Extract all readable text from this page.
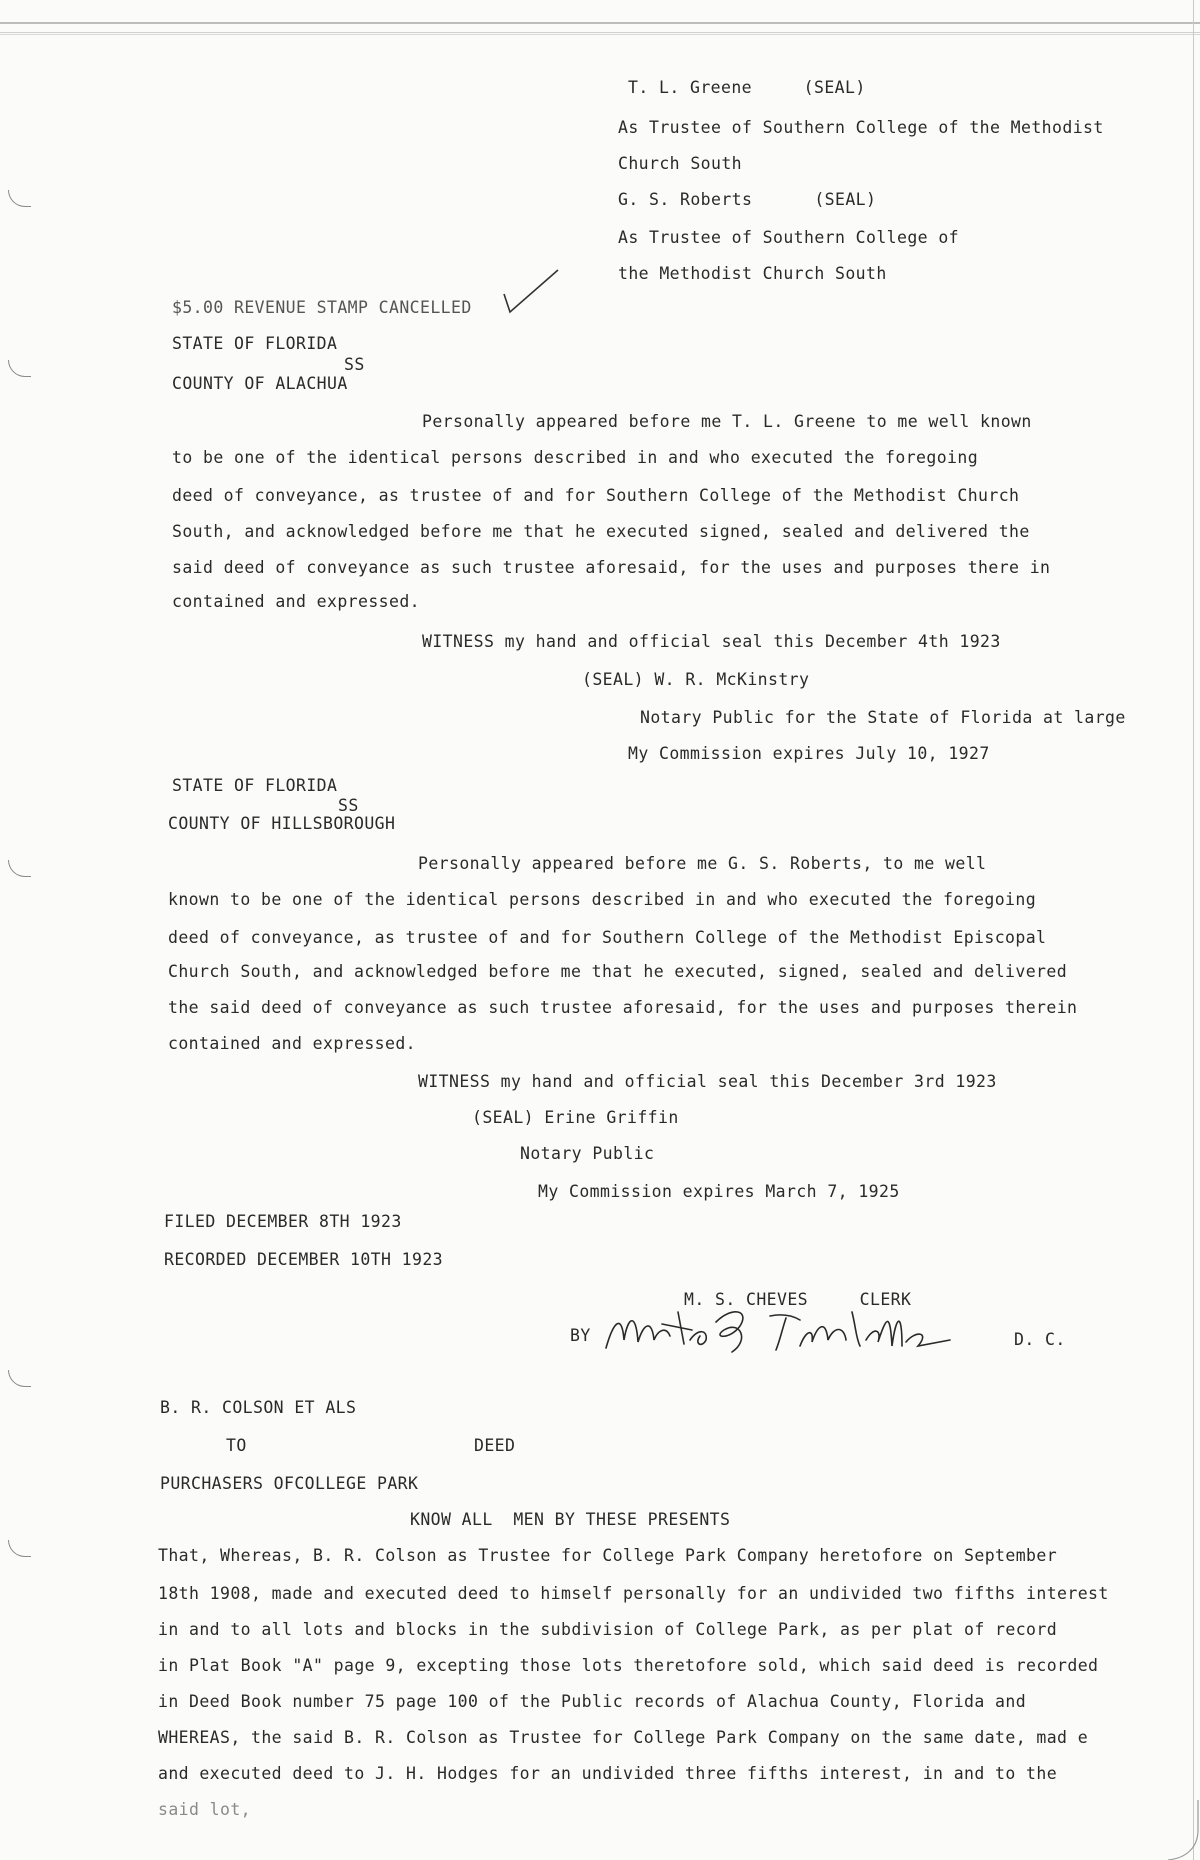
T. L. Greene     (SEAL)
As Trustee of Southern College of the Methodist
Church South
G. S. Roberts      (SEAL)
As Trustee of Southern College of
the Methodist Church South
$5.00 REVENUE STAMP CANCELLED
STATE OF FLORIDA
SS
COUNTY OF ALACHUA
Personally appeared before me T. L. Greene to me well known
to be one of the identical persons described in and who executed the foregoing
deed of conveyance, as trustee of and for Southern College of the Methodist Church
South, and acknowledged before me that he executed signed, sealed and delivered the
said deed of conveyance as such trustee aforesaid, for the uses and purposes there in
contained and expressed.
WITNESS my hand and official seal this December 4th 1923
(SEAL) W. R. McKinstry
Notary Public for the State of Florida at large
My Commission expires July 10, 1927
STATE OF FLORIDA
SS
COUNTY OF HILLSBOROUGH
Personally appeared before me G. S. Roberts, to me well
known to be one of the identical persons described in and who executed the foregoing
deed of conveyance, as trustee of and for Southern College of the Methodist Episcopal
Church South, and acknowledged before me that he executed, signed, sealed and delivered
the said deed of conveyance as such trustee aforesaid, for the uses and purposes therein
contained and expressed.
WITNESS my hand and official seal this December 3rd 1923
(SEAL) Erine Griffin
Notary Public
My Commission expires March 7, 1925
FILED DECEMBER 8TH 1923
RECORDED DECEMBER 10TH 1923
M. S. CHEVES     CLERK
BY	D. C.
B. R. COLSON ET ALS
TO	DEED
PURCHASERS OFCOLLEGE PARK
KNOW ALL  MEN BY THESE PRESENTS
That, Whereas, B. R. Colson as Trustee for College Park Company heretofore on September
18th 1908, made and executed deed to himself personally for an undivided two fifths interest
in and to all lots and blocks in the subdivision of College Park, as per plat of record
in Plat Book "A" page 9, excepting those lots theretofore sold, which said deed is recorded
in Deed Book number 75 page 100 of the Public records of Alachua County, Florida and
WHEREAS, the said B. R. Colson as Trustee for College Park Company on the same date, mad e
and executed deed to J. H. Hodges for an undivided three fifths interest, in and to the
said lot,
